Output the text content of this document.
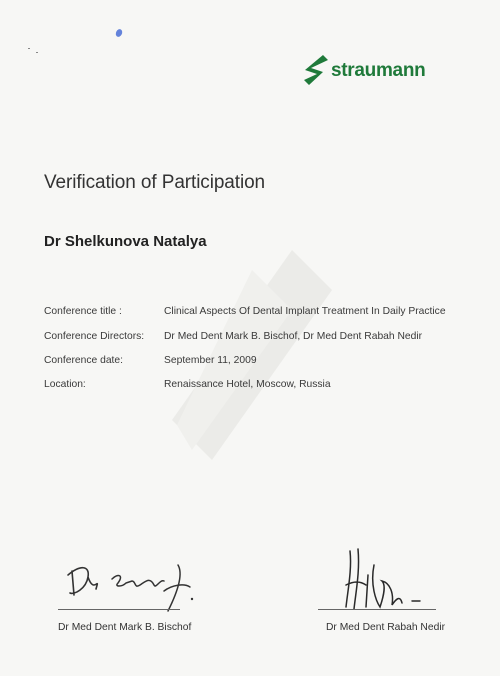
straumann
Verification of Participation
Dr Shelkunova Natalya
Conference title :	Clinical Aspects Of Dental Implant Treatment In Daily Practice
Conference Directors: Dr Med Dent Mark B. Bischof, Dr Med Dent Rabah Nedir
Conference date:	September 11, 2009
Location:	Renaissance Hotel, Moscow, Russia
Dr Med Dent Mark B. Bischof	Dr Med Dent Rabah Nedir
